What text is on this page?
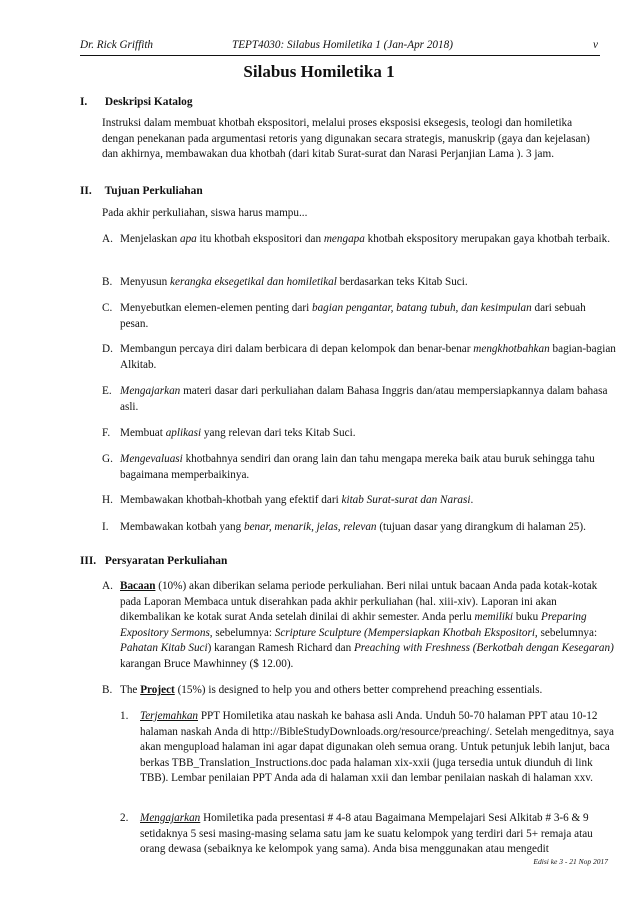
Dr. Rick Griffith	TEPT4030: Silabus Homiletika 1 (Jan-Apr 2018)	v
Silabus Homiletika 1
I. Deskripsi Katalog
Instruksi dalam membuat khotbah ekspositori, melalui proses eksposisi eksegesis, teologi dan homiletika dengan penekanan pada argumentasi retoris yang digunakan secara strategis, manuskrip (gaya dan kejelasan) dan akhirnya, membawakan dua khotbah (dari kitab Surat-surat dan Narasi Perjanjian Lama ). 3 jam.
II. Tujuan Perkuliahan
Pada akhir perkuliahan, siswa harus mampu...
A. Menjelaskan apa itu khotbah ekspositori dan mengapa khotbah ekspository merupakan gaya khotbah terbaik.
B. Menyusun kerangka eksegetikal dan homiletikal berdasarkan teks Kitab Suci.
C. Menyebutkan elemen-elemen penting dari bagian pengantar, batang tubuh, dan kesimpulan dari sebuah pesan.
D. Membangun percaya diri dalam berbicara di depan kelompok dan benar-benar mengkhotbahkan bagian-bagian Alkitab.
E. Mengajarkan materi dasar dari perkuliahan dalam Bahasa Inggris dan/atau mempersiapkannya dalam bahasa asli.
F. Membuat aplikasi yang relevan dari teks Kitab Suci.
G. Mengevaluasi khotbahnya sendiri dan orang lain dan tahu mengapa mereka baik atau buruk sehingga tahu bagaimana memperbaikinya.
H. Membawakan khotbah-khotbah yang efektif dari kitab Surat-surat dan Narasi.
I. Membawakan kotbah yang benar, menarik, jelas, relevan (tujuan dasar yang dirangkum di halaman 25).
III. Persyaratan Perkuliahan
A. Bacaan (10%) akan diberikan selama periode perkuliahan. Beri nilai untuk bacaan Anda pada kotak-kotak pada Laporan Membaca untuk diserahkan pada akhir perkuliahan (hal. xiii-xiv). Laporan ini akan dikembalikan ke kotak surat Anda setelah dinilai di akhir semester. Anda perlu memiliki buku Preparing Expository Sermons, sebelumnya: Scripture Sculpture (Mempersiapkan Khotbah Ekspositori, sebelumnya: Pahatan Kitab Suci) karangan Ramesh Richard dan Preaching with Freshness (Berkotbah dengan Kesegaran) karangan Bruce Mawhinney ($ 12.00).
B. The Project (15%) is designed to help you and others better comprehend preaching essentials.
1. Terjemahkan PPT Homiletika atau naskah ke bahasa asli Anda. Unduh 50-70 halaman PPT atau 10-12 halaman naskah Anda di http://BibleStudyDownloads.org/resource/preaching/. Setelah mengeditnya, saya akan mengupload halaman ini agar dapat digunakan oleh semua orang. Untuk petunjuk lebih lanjut, baca berkas TBB_Translation_Instructions.doc pada halaman xix-xxii (juga tersedia untuk diunduh di link TBB). Lembar penilaian PPT Anda ada di halaman xxii dan lembar penilaian naskah di halaman xxv.
2. Mengajarkan Homiletika pada presentasi # 4-8 atau Bagaimana Mempelajari Sesi Alkitab # 3-6 & 9 setidaknya 5 sesi masing-masing selama satu jam ke suatu kelompok yang terdiri dari 5+ remaja atau orang dewasa (sebaiknya ke kelompok yang sama). Anda bisa menggunakan atau mengedit
Edisi ke 3 - 21 Nop 2017
